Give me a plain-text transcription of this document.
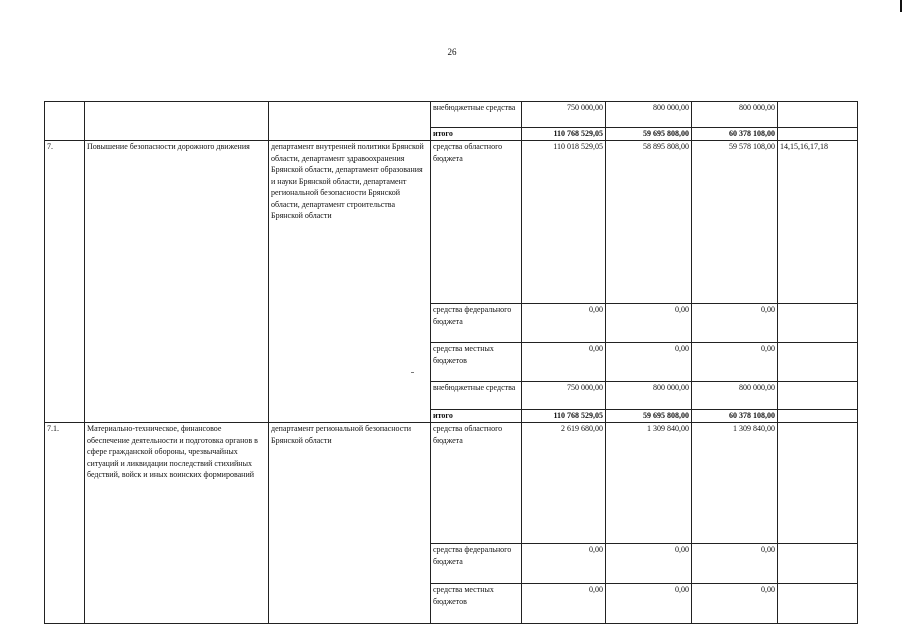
26
			внебюджетные средства	750 000,00	800 000,00	800 000,00	
			итого	110 768 529,05	59 695 808,00	60 378 108,00	
7.	Повышение безопасности дорожного движения	департамент внутренней политики Брянской области, департамент здравоохранения Брянской области, департамент образования и науки Брянской области, департамент региональной безопасности Брянской области, департамент строительства Брянской области	средства областного бюджета	110 018 529,05	58 895 808,00	59 578 108,00	14,15,16,17,18
			средства федерального бюджета	0,00	0,00	0,00	
			средства местных бюджетов	0,00	0,00	0,00	
			внебюджетные средства	750 000,00	800 000,00	800 000,00	
			итого	110 768 529,05	59 695 808,00	60 378 108,00	
7.1.	Материально-техническое, финансовое обеспечение деятельности и подготовка органов в сфере гражданской обороны, чрезвычайных ситуаций и ликвидации последствий стихийных бедствий, войск и иных воинских формирований	департамент региональной безопасности Брянской области	средства областного бюджета	2 619 680,00	1 309 840,00	1 309 840,00	
			средства федерального бюджета	0,00	0,00	0,00	
			средства местных бюджетов	0,00	0,00	0,00	
